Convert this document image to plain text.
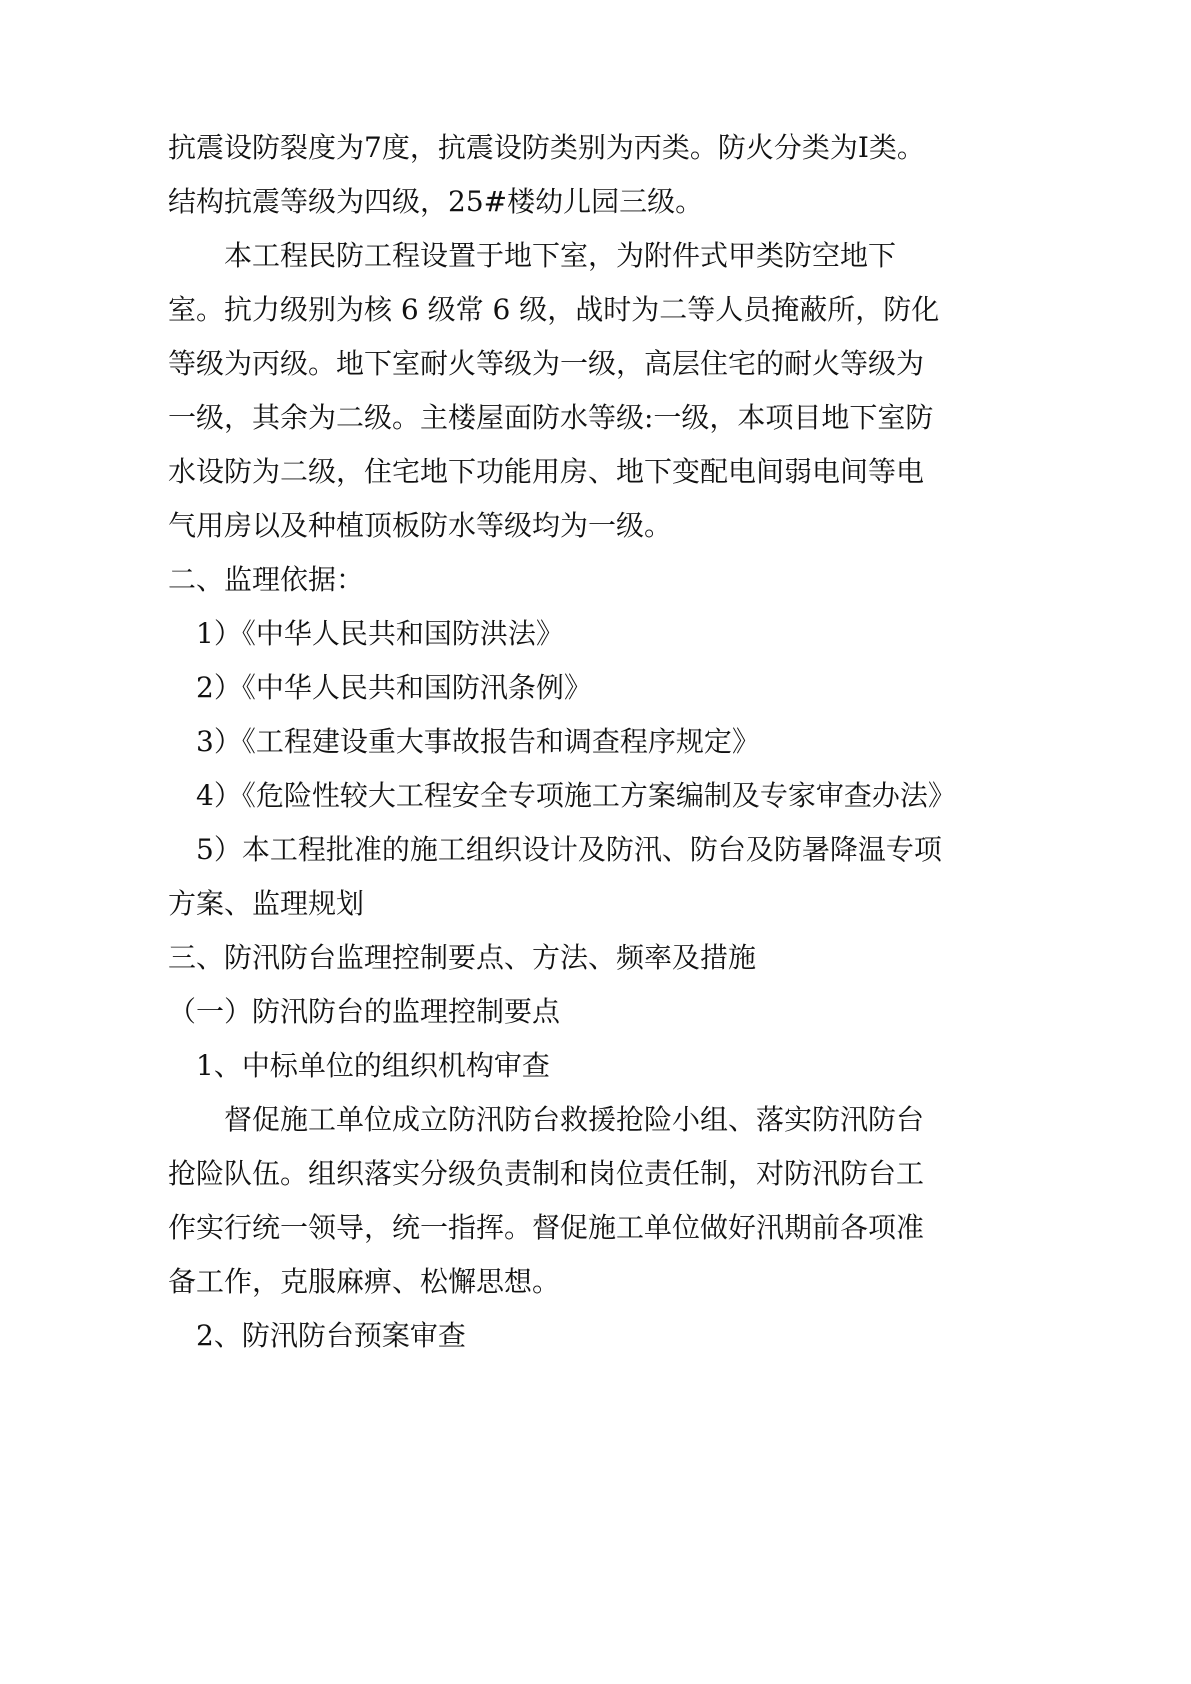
抗震设防裂度为7度，抗震设防类别为丙类。防火分类为Ⅰ类。
结构抗震等级为四级，25#楼幼儿园三级。
本工程民防工程设置于地下室，为附件式甲类防空地下
室。抗力级别为核 6 级常 6 级，战时为二等人员掩蔽所，防化
等级为丙级。地下室耐火等级为一级，高层住宅的耐火等级为
一级，其余为二级。主楼屋面防水等级:一级，本项目地下室防
水设防为二级，住宅地下功能用房、地下变配电间弱电间等电
气用房以及种植顶板防水等级均为一级。
二、监理依据：
1）《中华人民共和国防洪法》
2）《中华人民共和国防汛条例》
3）《工程建设重大事故报告和调查程序规定》
4）《危险性较大工程安全专项施工方案编制及专家审查办法》
5）本工程批准的施工组织设计及防汛、防台及防暑降温专项
方案、监理规划
三、防汛防台监理控制要点、方法、频率及措施
（一）防汛防台的监理控制要点
1、中标单位的组织机构审查
督促施工单位成立防汛防台救援抢险小组、落实防汛防台
抢险队伍。组织落实分级负责制和岗位责任制，对防汛防台工
作实行统一领导，统一指挥。督促施工单位做好汛期前各项准
备工作，克服麻痹、松懈思想。
2、防汛防台预案审查
